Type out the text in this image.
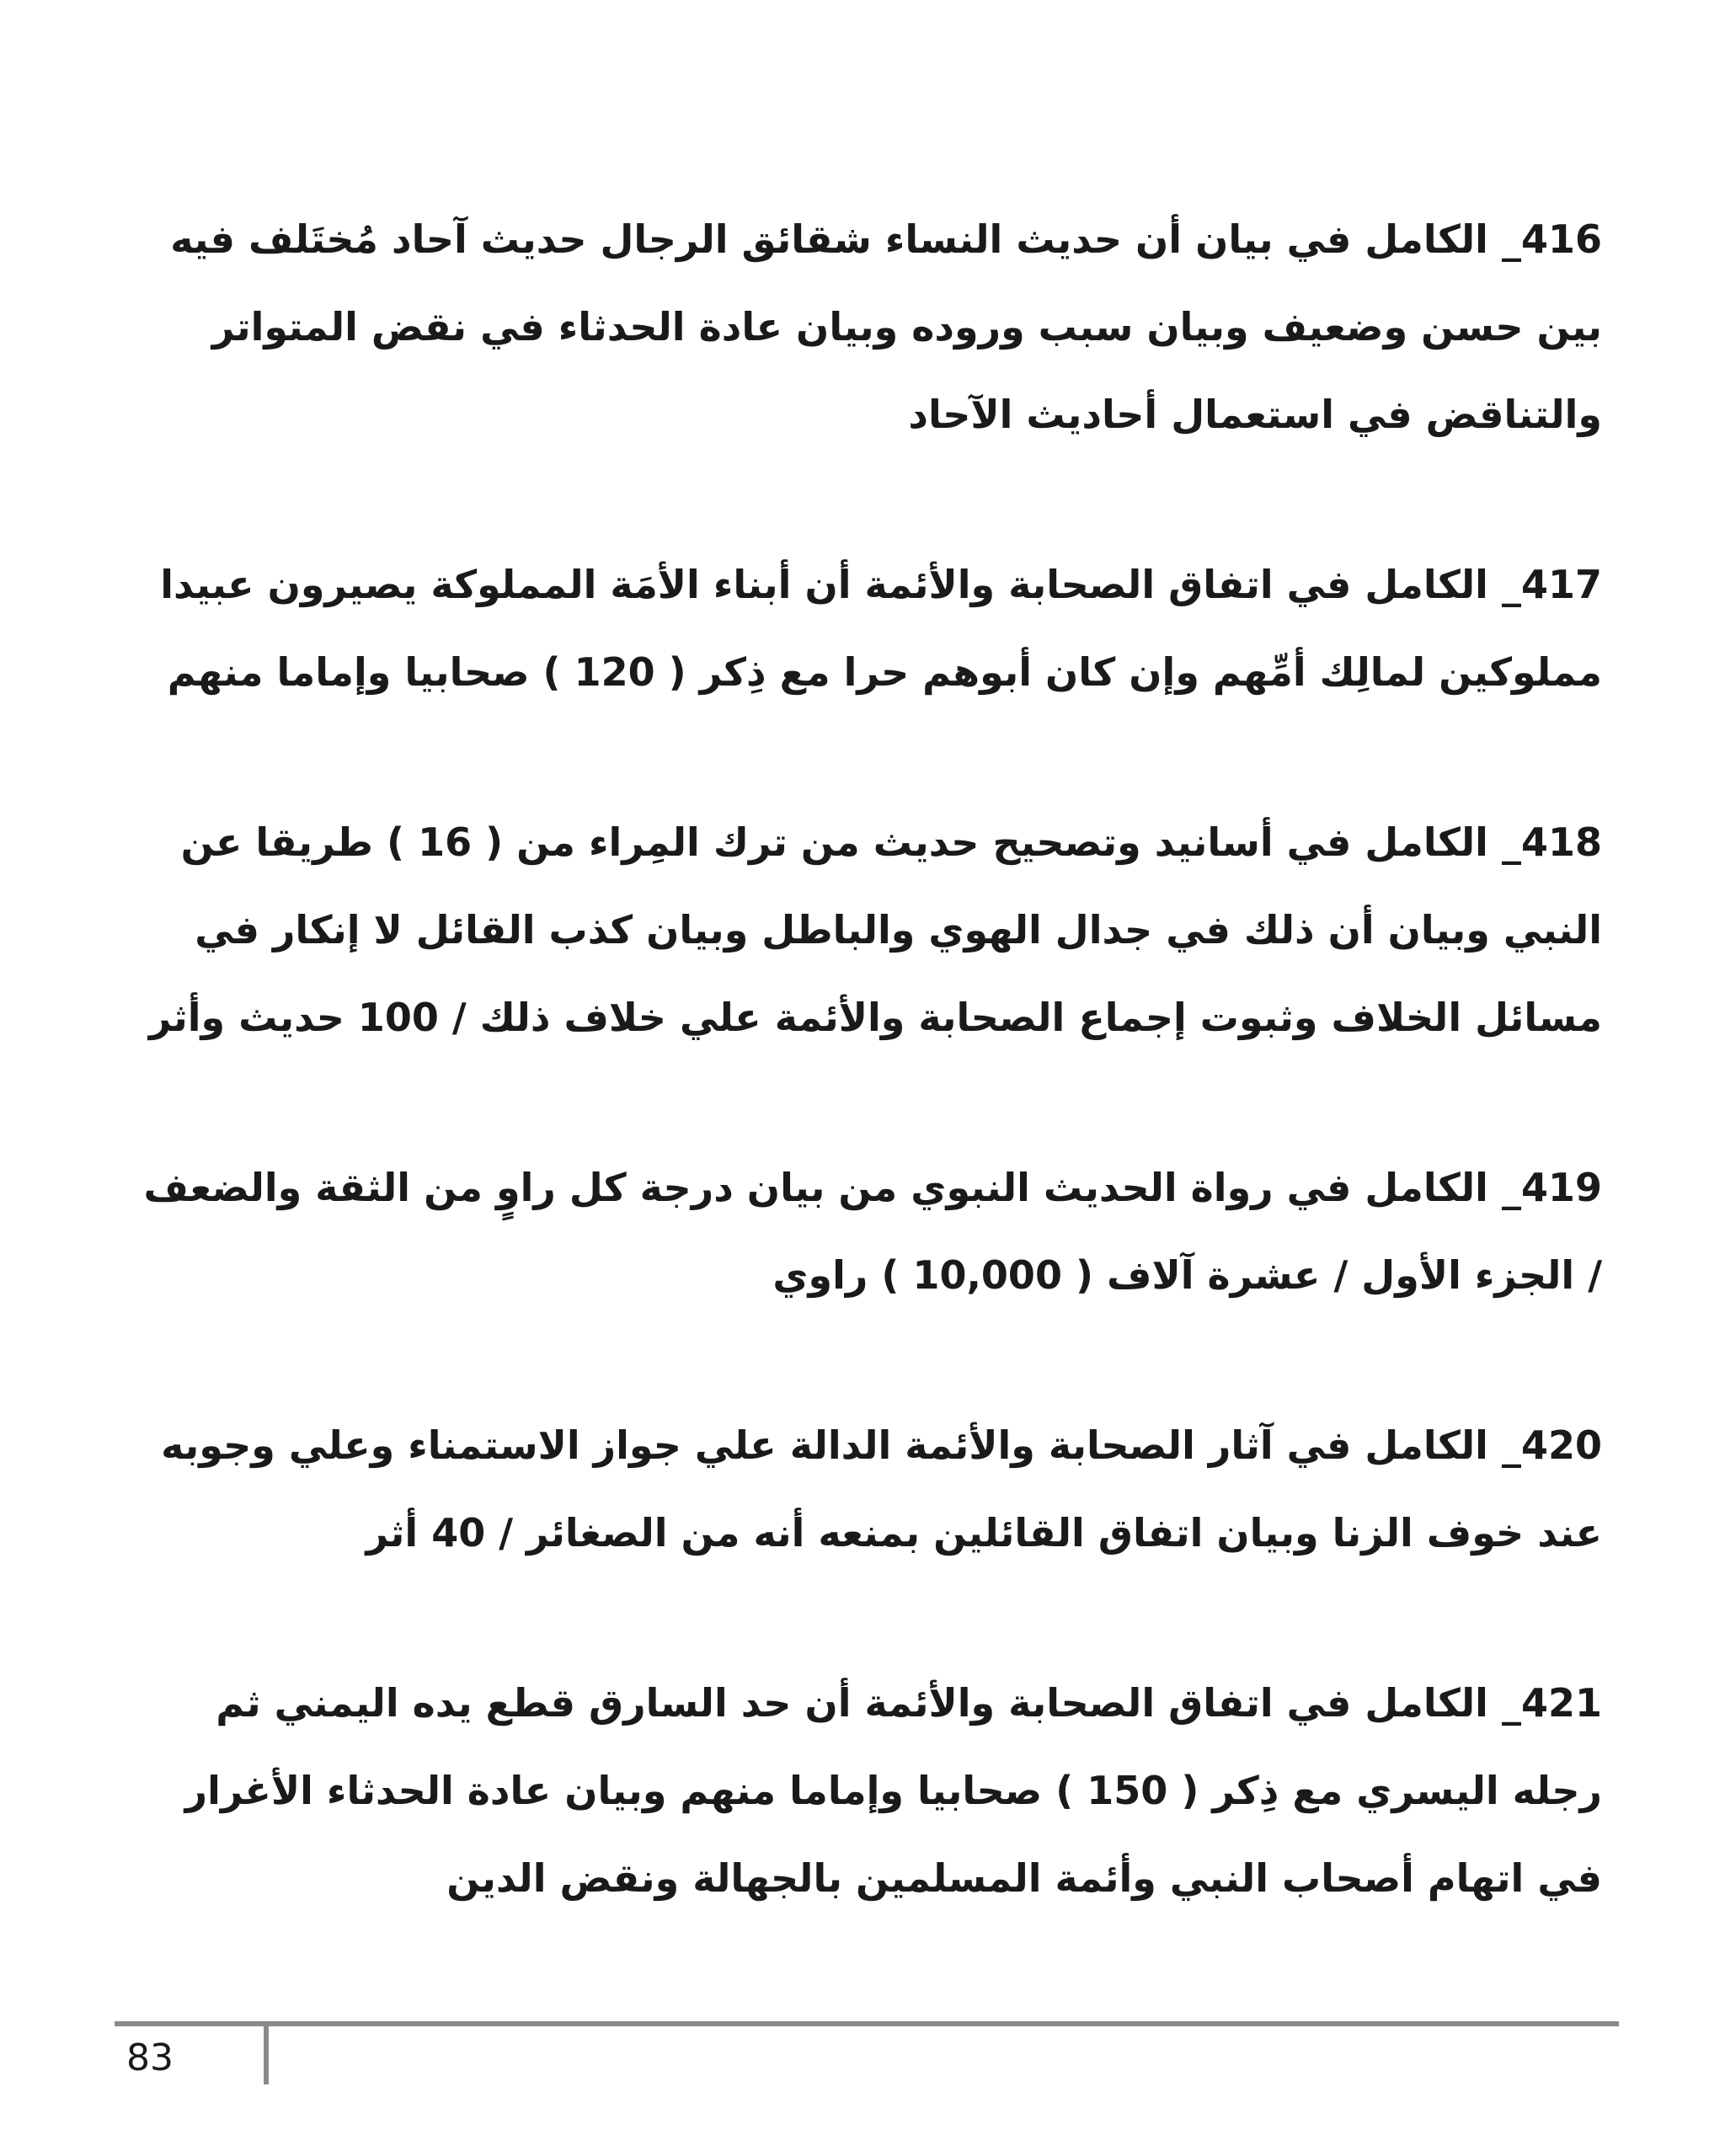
416_ الكامل في بيان أن حديث النساء شقائق الرجال حديث آحاد مُختَلف فيه بين حسن وضعيف وبيان سبب وروده وبيان عادة الحدثاء في نقض المتواتر والتناقض في استعمال أحاديث الآحاد

417_ الكامل في اتفاق الصحابة والأئمة أن أبناء الأمَة المملوكة يصيرون عبيدا مملوكين لمالِك أمِّهم وإن كان أبوهم حرا مع ذِكر ( 120 ) صحابيا وإماما منهم

418_ الكامل في أسانيد وتصحيح حديث من ترك المِراء من ( 16 ) طريقا عن النبي وبيان أن ذلك في جدال الهوي والباطل وبيان كذب القائل لا إنكار في مسائل الخلاف وثبوت إجماع الصحابة والأئمة علي خلاف ذلك / 100 حديث وأثر

419_ الكامل في رواة الحديث النبوي من بيان درجة كل راوٍ من الثقة والضعف / الجزء الأول / عشرة آلاف ( 10,000 ) راوي

420_ الكامل في آثار الصحابة والأئمة الدالة علي جواز الاستمناء وعلي وجوبه عند خوف الزنا وبيان اتفاق القائلين بمنعه أنه من الصغائر / 40 أثر

421_ الكامل في اتفاق الصحابة والأئمة أن حد السارق قطع يده اليمني ثم رجله اليسري مع ذِكر ( 150 ) صحابيا وإماما منهم وبيان عادة الحدثاء الأغرار في اتهام أصحاب النبي وأئمة المسلمين بالجهالة ونقض الدين

83
